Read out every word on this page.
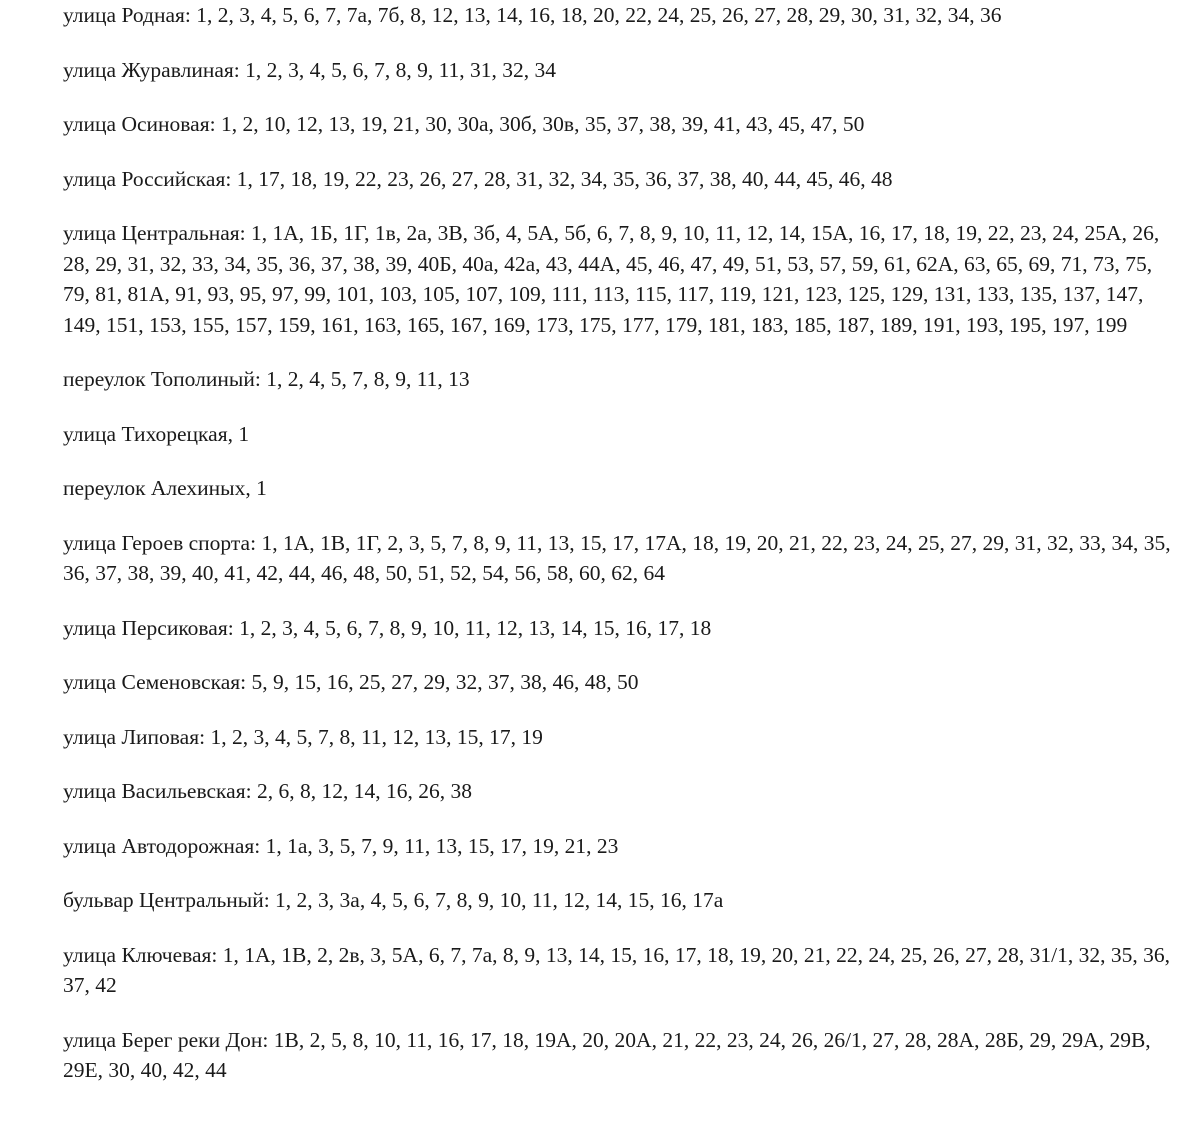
улица Родная: 1, 2, 3, 4, 5, 6, 7, 7а, 7б, 8, 12, 13, 14, 16, 18, 20, 22, 24, 25, 26, 27, 28, 29, 30, 31, 32, 34, 36

улица Журавлиная: 1, 2, 3, 4, 5, 6, 7, 8, 9, 11, 31, 32, 34

улица Осиновая: 1, 2, 10, 12, 13, 19, 21, 30, 30а, 30б, 30в, 35, 37, 38, 39, 41, 43, 45, 47, 50

улица Российская: 1, 17, 18, 19, 22, 23, 26, 27, 28, 31, 32, 34, 35, 36, 37, 38, 40, 44, 45, 46, 48

улица Центральная: 1, 1А, 1Б, 1Г, 1в, 2а, 3В, 3б, 4, 5А, 5б, 6, 7, 8, 9, 10, 11, 12, 14, 15А, 16, 17, 18, 19, 22, 23, 24, 25А, 26, 28, 29, 31, 32, 33, 34, 35, 36, 37, 38, 39, 40Б, 40а, 42а, 43, 44А, 45, 46, 47, 49, 51, 53, 57, 59, 61, 62А, 63, 65, 69, 71, 73, 75, 79, 81, 81А, 91, 93, 95, 97, 99, 101, 103, 105, 107, 109, 111, 113, 115, 117, 119, 121, 123, 125, 129, 131, 133, 135, 137, 147, 149, 151, 153, 155, 157, 159, 161, 163, 165, 167, 169, 173, 175, 177, 179, 181, 183, 185, 187, 189, 191, 193, 195, 197, 199

переулок Тополиный: 1, 2, 4, 5, 7, 8, 9, 11, 13

улица Тихорецкая, 1

переулок Алехиных, 1

улица Героев спорта: 1, 1А, 1В, 1Г, 2, 3, 5, 7, 8, 9, 11, 13, 15, 17, 17А, 18, 19, 20, 21, 22, 23, 24, 25, 27, 29, 31, 32, 33, 34, 35, 36, 37, 38, 39, 40, 41, 42, 44, 46, 48, 50, 51, 52, 54, 56, 58, 60, 62, 64

улица Персиковая: 1, 2, 3, 4, 5, 6, 7, 8, 9, 10, 11, 12, 13, 14, 15, 16, 17, 18

улица Семеновская: 5, 9, 15, 16, 25, 27, 29, 32, 37, 38, 46, 48, 50

улица Липовая: 1, 2, 3, 4, 5, 7, 8, 11, 12, 13, 15, 17, 19

улица Васильевская: 2, 6, 8, 12, 14, 16, 26, 38

улица Автодорожная: 1, 1а, 3, 5, 7, 9, 11, 13, 15, 17, 19, 21, 23

бульвар Центральный: 1, 2, 3, 3а, 4, 5, 6, 7, 8, 9, 10, 11, 12, 14, 15, 16, 17а

улица Ключевая: 1, 1А, 1В, 2, 2в, 3, 5А, 6, 7, 7а, 8, 9, 13, 14, 15, 16, 17, 18, 19, 20, 21, 22, 24, 25, 26, 27, 28, 31/1, 32, 35, 36, 37, 42

улица Берег реки Дон: 1В, 2, 5, 8, 10, 11, 16, 17, 18, 19А, 20, 20А, 21, 22, 23, 24, 26, 26/1, 27, 28, 28А, 28Б, 29, 29А, 29В, 29Е, 30, 40, 42, 44
